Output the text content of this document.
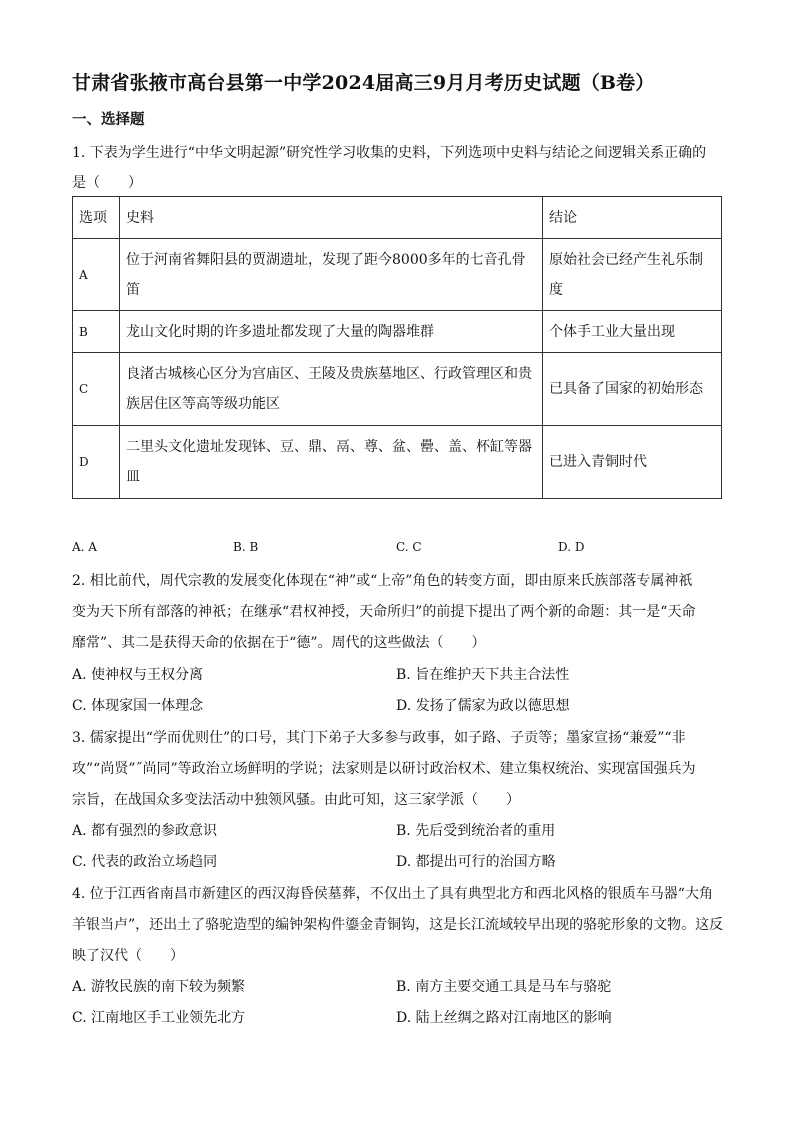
甘肃省张掖市高台县第一中学2024届高三9月月考历史试题（B卷）
一、选择题
1. 下表为学生进行“中华文明起源”研究性学习收集的史料，下列选项中史料与结论之间逻辑关系正确的
是（　　）
选项	史料	结论
A	位于河南省舞阳县的贾湖遗址，发现了距今8000多年的七音孔骨笛	原始社会已经产生礼乐制
度

B	龙山文化时期的许多遗址都发现了大量的陶器堆群	个体手工业大量出现

C	良渚古城核心区分为宫庙区、王陵及贵族墓地区、行政管理区和贵
族居住区等高等级功能区	已具备了国家的初始形态

D	二里头文化遗址发现钵、豆、鼎、鬲、尊、盆、罍、盖、杯缸等器
皿	已进入青铜时代
A. A	B. B	C. C	D. D
2. 相比前代，周代宗教的发展变化体现在“神”或“上帝”角色的转变方面，即由原来氏族部落专属神祇
变为天下所有部落的神祇；在继承“君权神授，天命所归”的前提下提出了两个新的命题：其一是“天命
靡常”、其二是获得天命的依据在于“德”。周代的这些做法（　　）
A. 使神权与王权分离	B. 旨在维护天下共主合法性
C. 体现家国一体理念	D. 发扬了儒家为政以德思想
3. 儒家提出“学而优则仕”的口号，其门下弟子大多参与政事，如子路、子贡等；墨家宣扬“兼爱”“非
攻”“尚贤”˝尚同”等政治立场鲜明的学说；法家则是以研讨政治权术、建立集权统治、实现富国强兵为
宗旨，在战国众多变法活动中独领风骚。由此可知，这三家学派（　　）
A. 都有强烈的参政意识	B. 先后受到统治者的重用
C. 代表的政治立场趋同	D. 都提出可行的治国方略
4. 位于江西省南昌市新建区的西汉海昏侯墓葬，不仅出土了具有典型北方和西北风格的银质车马器“大角
羊银当卢”，还出土了骆驼造型的编钟架构件鎏金青铜钩，这是长江流域较早出现的骆驼形象的文物。这反
映了汉代（　　）
A. 游牧民族的南下较为频繁	B. 南方主要交通工具是马车与骆驼
C. 江南地区手工业领先北方	D. 陆上丝绸之路对江南地区的影响
